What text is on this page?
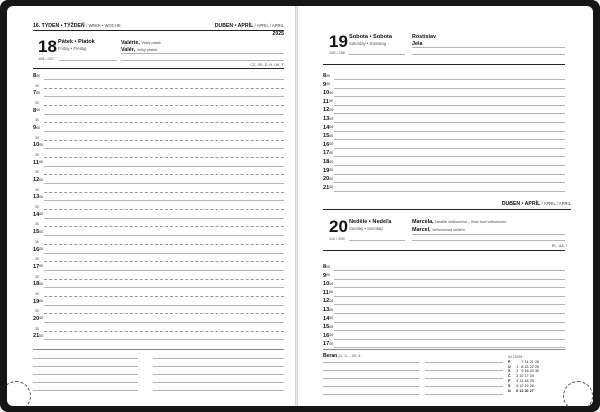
16. TÝDEN • TÝŽDEŇ / WEEK • WOCHE	DUBEN • APRÍL / APRIL / APRIL
2025
18 Pátek • Piatok
Friday • Freitag
108 / 257
Valérie, Velký pátek
Valér, Veľký piatok
CZ, SK, D, H, UK, F
$8^{00}$
30
$7^{00}$
30
$8^{00}$
30
$9^{00}$
30
$10^{00}$
30
$11^{00}$
30
$12^{00}$
30
$13^{00}$
30
$14^{00}$
30
$15^{00}$
30
$16^{00}$
30
$17^{00}$
30
$18^{00}$
30
$19^{00}$
30
$20^{00}$
30
$21^{00}$
19 Sobota • Sobota
Saturday • Samstag
109 / 256
Rostislav
Jela
$8^{00}$
$9^{00}$
$10^{00}$
$11^{00}$
$12^{00}$
$13^{00}$
$14^{00}$
$15^{00}$
$16^{00}$
$17^{00}$
$18^{00}$
$19^{00}$
$20^{00}$
$21^{00}$
DUBEN • APRÍL / APRIL / APRIL
20 Neděle • Nedeľa
Sunday • Sonntag
110 / 255
Marcela, Neděle velikonoční – Boží hod velikonoční
Marcel, Veľkonočná nedeľa
PL, UA, I
$8^{00}$
$9^{00}$
$10^{00}$
$11^{00}$
$12^{00}$
$13^{00}$
$14^{00}$
$15^{00}$
$16^{00}$
$17^{00}$
Beran21. 3. – 20. 4.	04 | 2025
P	7 14 21 28
Ú	1 8 15 22 29
S	2 9 16 23 30
Č	3 10 17 24
P	4 11 18 25
S	5 12 19 26
N	6 13 20 27
